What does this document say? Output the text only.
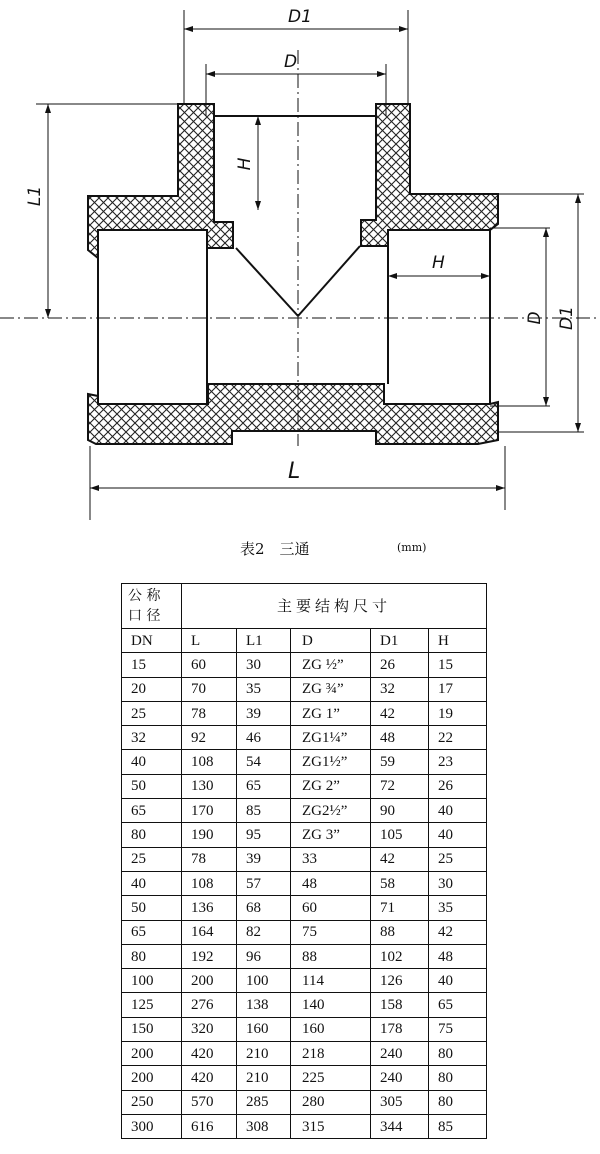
D1
D
H
L1
H
D D1
L
表2　三通	(mm)
公 称
口 径	主要结构尺寸				
DN	L	L1	D	D1	H
15	60	30	ZG ½”	26	15
20	70	35	ZG ¾”	32	17
25	78	39	ZG 1”	42	19
32	92	46	ZG1¼”	48	22
40	108	54	ZG1½”	59	23
50	130	65	ZG 2”	72	26
65	170	85	ZG2½”	90	40
80	190	95	ZG 3”	105	40
25	78	39	33	42	25
40	108	57	48	58	30
50	136	68	60	71	35
65	164	82	75	88	42
80	192	96	88	102	48
100	200	100	114	126	40
125	276	138	140	158	65
150	320	160	160	178	75
200	420	210	218	240	80
200	420	210	225	240	80
250	570	285	280	305	80
300	616	308	315	344	85
